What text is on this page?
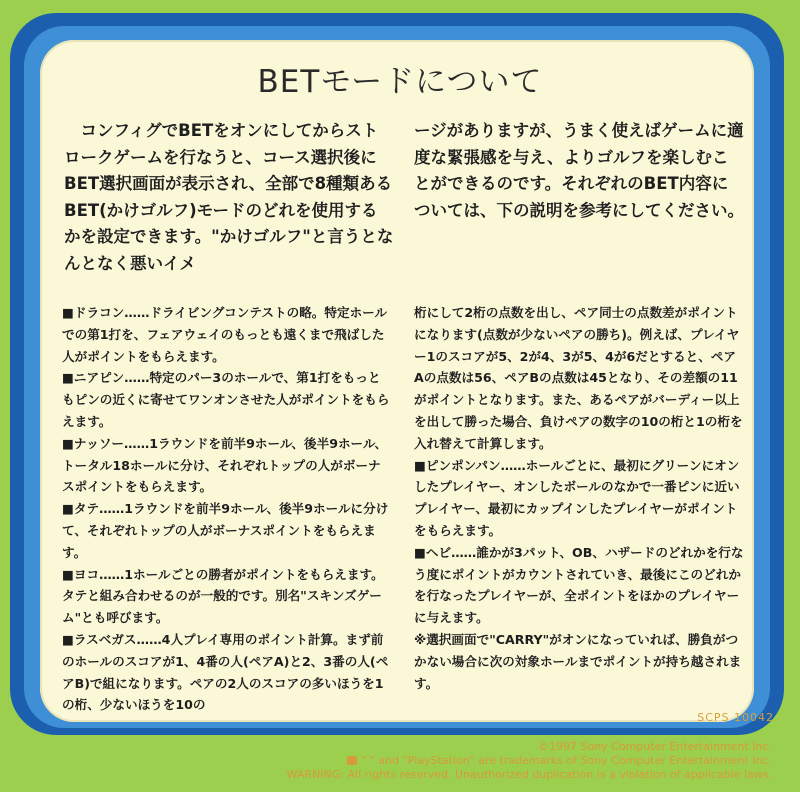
BETモードについて

コンフィグでBETをオンにしてからストロークゲームを行なうと、コース選択後にBET選択画面が表示され、全部で8種類あるBET(かけゴルフ)モードのどれを使用するかを設定できます。"かけゴルフ"と言うとなんとなく悪いイメ

ージがありますが、うまく使えばゲームに適度な緊張感を与え、よりゴルフを楽しむことができるのです。それぞれのBET内容については、下の説明を参考にしてください。

■ドラコン……ドライビングコンテストの略。特定ホールでの第1打を、フェアウェイのもっとも遠くまで飛ばした人がポイントをもらえます。

■ニアピン……特定のパー3のホールで、第1打をもっともピンの近くに寄せてワンオンさせた人がポイントをもらえます。

■ナッソー……1ラウンドを前半9ホール、後半9ホール、トータル18ホールに分け、それぞれトップの人がボーナスポイントをもらえます。

■タテ……1ラウンドを前半9ホール、後半9ホールに分けて、それぞれトップの人がボーナスポイントをもらえます。

■ヨコ……1ホールごとの勝者がポイントをもらえます。タテと組み合わせるのが一般的です。別名"スキンズゲーム"とも呼びます。

■ラスベガス……4人プレイ専用のポイント計算。まず前のホールのスコアが1、4番の人(ペアA)と2、3番の人(ペアB)で組になります。ペアの2人のスコアの多いほうを1の桁、少ないほうを10の

桁にして2桁の点数を出し、ペア同士の点数差がポイントになります(点数が少ないペアの勝ち)。例えば、プレイヤー1のスコアが5、2が4、3が5、4が6だとすると、ペアAの点数は56、ペアBの点数は45となり、その差額の11がポイントとなります。また、あるペアがバーディー以上を出して勝った場合、負けペアの数字の10の桁と1の桁を入れ替えて計算します。

■ピンポンパン……ホールごとに、最初にグリーンにオンしたプレイヤー、オンしたボールのなかで一番ピンに近いプレイヤー、最初にカップインしたプレイヤーがポイントをもらえます。

■ヘビ……誰かが3パット、OB、ハザードのどれかを行なう度にポイントがカウントされていき、最後にこのどれかを行なったプレイヤーが、全ポイントをほかのプレイヤーに与えます。

※選択画面で"CARRY"がオンになっていれば、勝負がつかない場合に次の対象ホールまでポイントが持ち越されます。

SCPS 10042
©1997 Sony Computer Entertainment Inc.
" " and "PlayStation" are trademarks of Sony Computer Entertainment Inc.
WARNING: All rights reserved. Unauthorized duplication is a violation of applicable laws.
